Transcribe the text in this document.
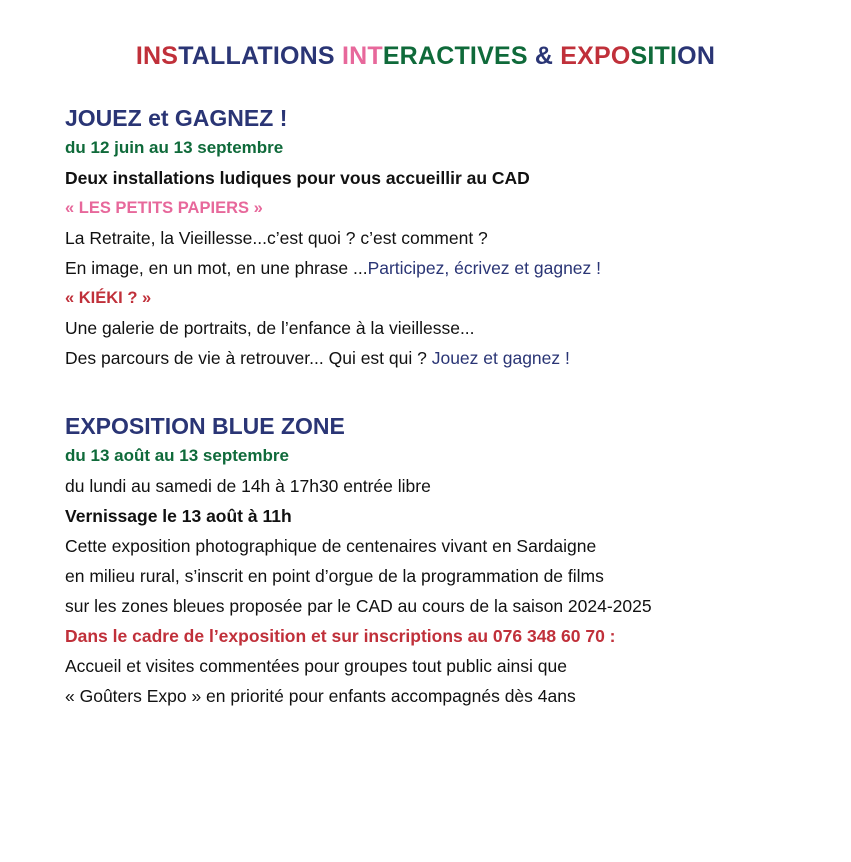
INSTALLATIONS INTERACTIVES & EXPOSITION
JOUEZ et GAGNEZ !

du 12 juin au 13 septembre

Deux installations ludiques pour vous accueillir au CAD

« LES PETITS PAPIERS »

La Retraite, la Vieillesse...c’est quoi ? c’est comment ?

En image, en un mot, en une phrase ...Participez, écrivez et gagnez !

« KIÉKI ? »

Une galerie de portraits, de l’enfance à la vieillesse...

Des parcours de vie à retrouver... Qui est qui ? Jouez et gagnez !

EXPOSITION BLUE ZONE

du 13 août au 13 septembre

du lundi au samedi de 14h à 17h30 entrée libre

Vernissage le 13 août à 11h

Cette exposition photographique de centenaires vivant en Sardaigne

en milieu rural, s’inscrit en point d’orgue de la programmation de films

sur les zones bleues proposée par le CAD au cours de la saison 2024-2025

Dans le cadre de l’exposition et sur inscriptions au 076 348 60 70 :

Accueil et visites commentées pour groupes tout public ainsi que

« Goûters Expo » en priorité pour enfants accompagnés dès 4ans
